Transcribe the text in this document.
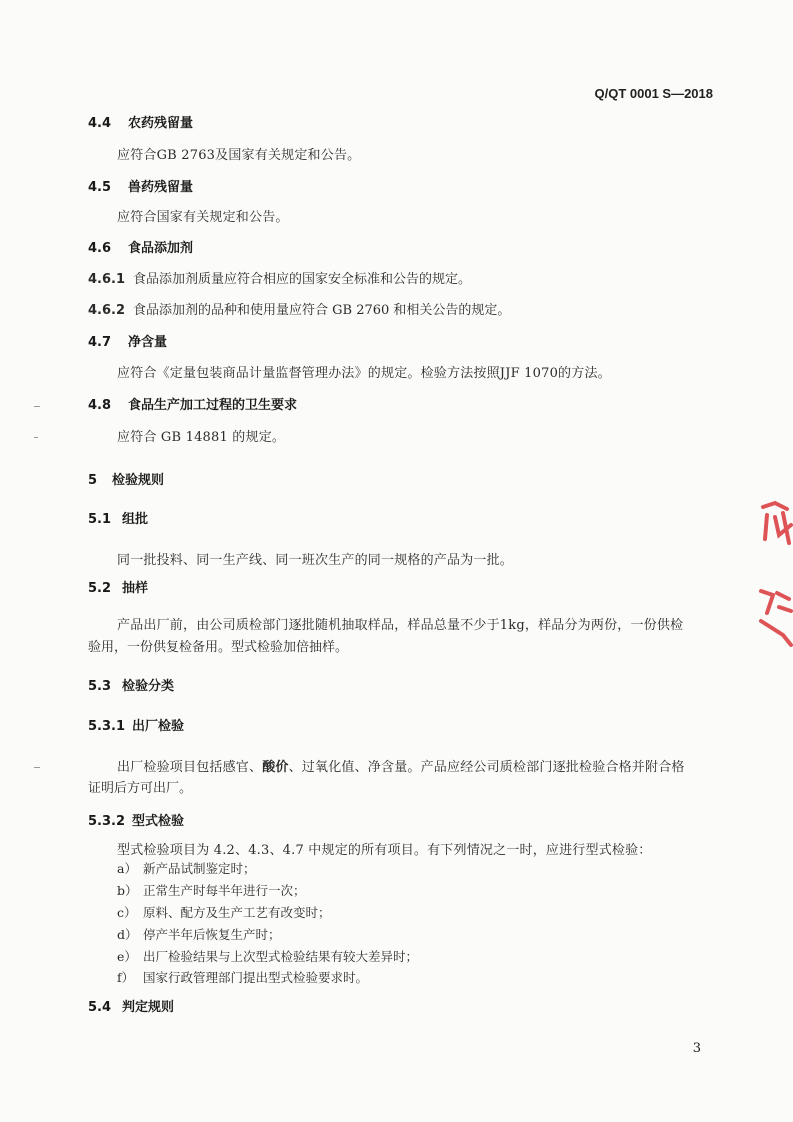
Q/QT 0001 S—2018
4.4 农药残留量
应符合GB 2763及国家有关规定和公告。
4.5 兽药残留量
应符合国家有关规定和公告。
4.6 食品添加剂
4.6.1 食品添加剂质量应符合相应的国家安全标准和公告的规定。
4.6.2 食品添加剂的品种和使用量应符合 GB 2760 和相关公告的规定。
4.7 净含量
应符合《定量包装商品计量监督管理办法》的规定。检验方法按照JJF 1070的方法。
4.8 食品生产加工过程的卫生要求
应符合 GB 14881 的规定。
5 检验规则
5.1 组批
同一批投料、同一生产线、同一班次生产的同一规格的产品为一批。
5.2 抽样
产品出厂前，由公司质检部门逐批随机抽取样品，样品总量不少于1kg，样品分为两份，一份供检
验用，一份供复检备用。型式检验加倍抽样。
5.3 检验分类
5.3.1 出厂检验
出厂检验项目包括感官、酸价、过氧化值、净含量。产品应经公司质检部门逐批检验合格并附合格
证明后方可出厂。
5.3.2 型式检验
型式检验项目为 4.2、4.3、4.7 中规定的所有项目。有下列情况之一时，应进行型式检验：
a） 新产品试制鉴定时；
b） 正常生产时每半年进行一次；
c） 原料、配方及生产工艺有改变时；
d） 停产半年后恢复生产时；
e） 出厂检验结果与上次型式检验结果有较大差异时；
f） 国家行政管理部门提出型式检验要求时。
5.4 判定规则
3
